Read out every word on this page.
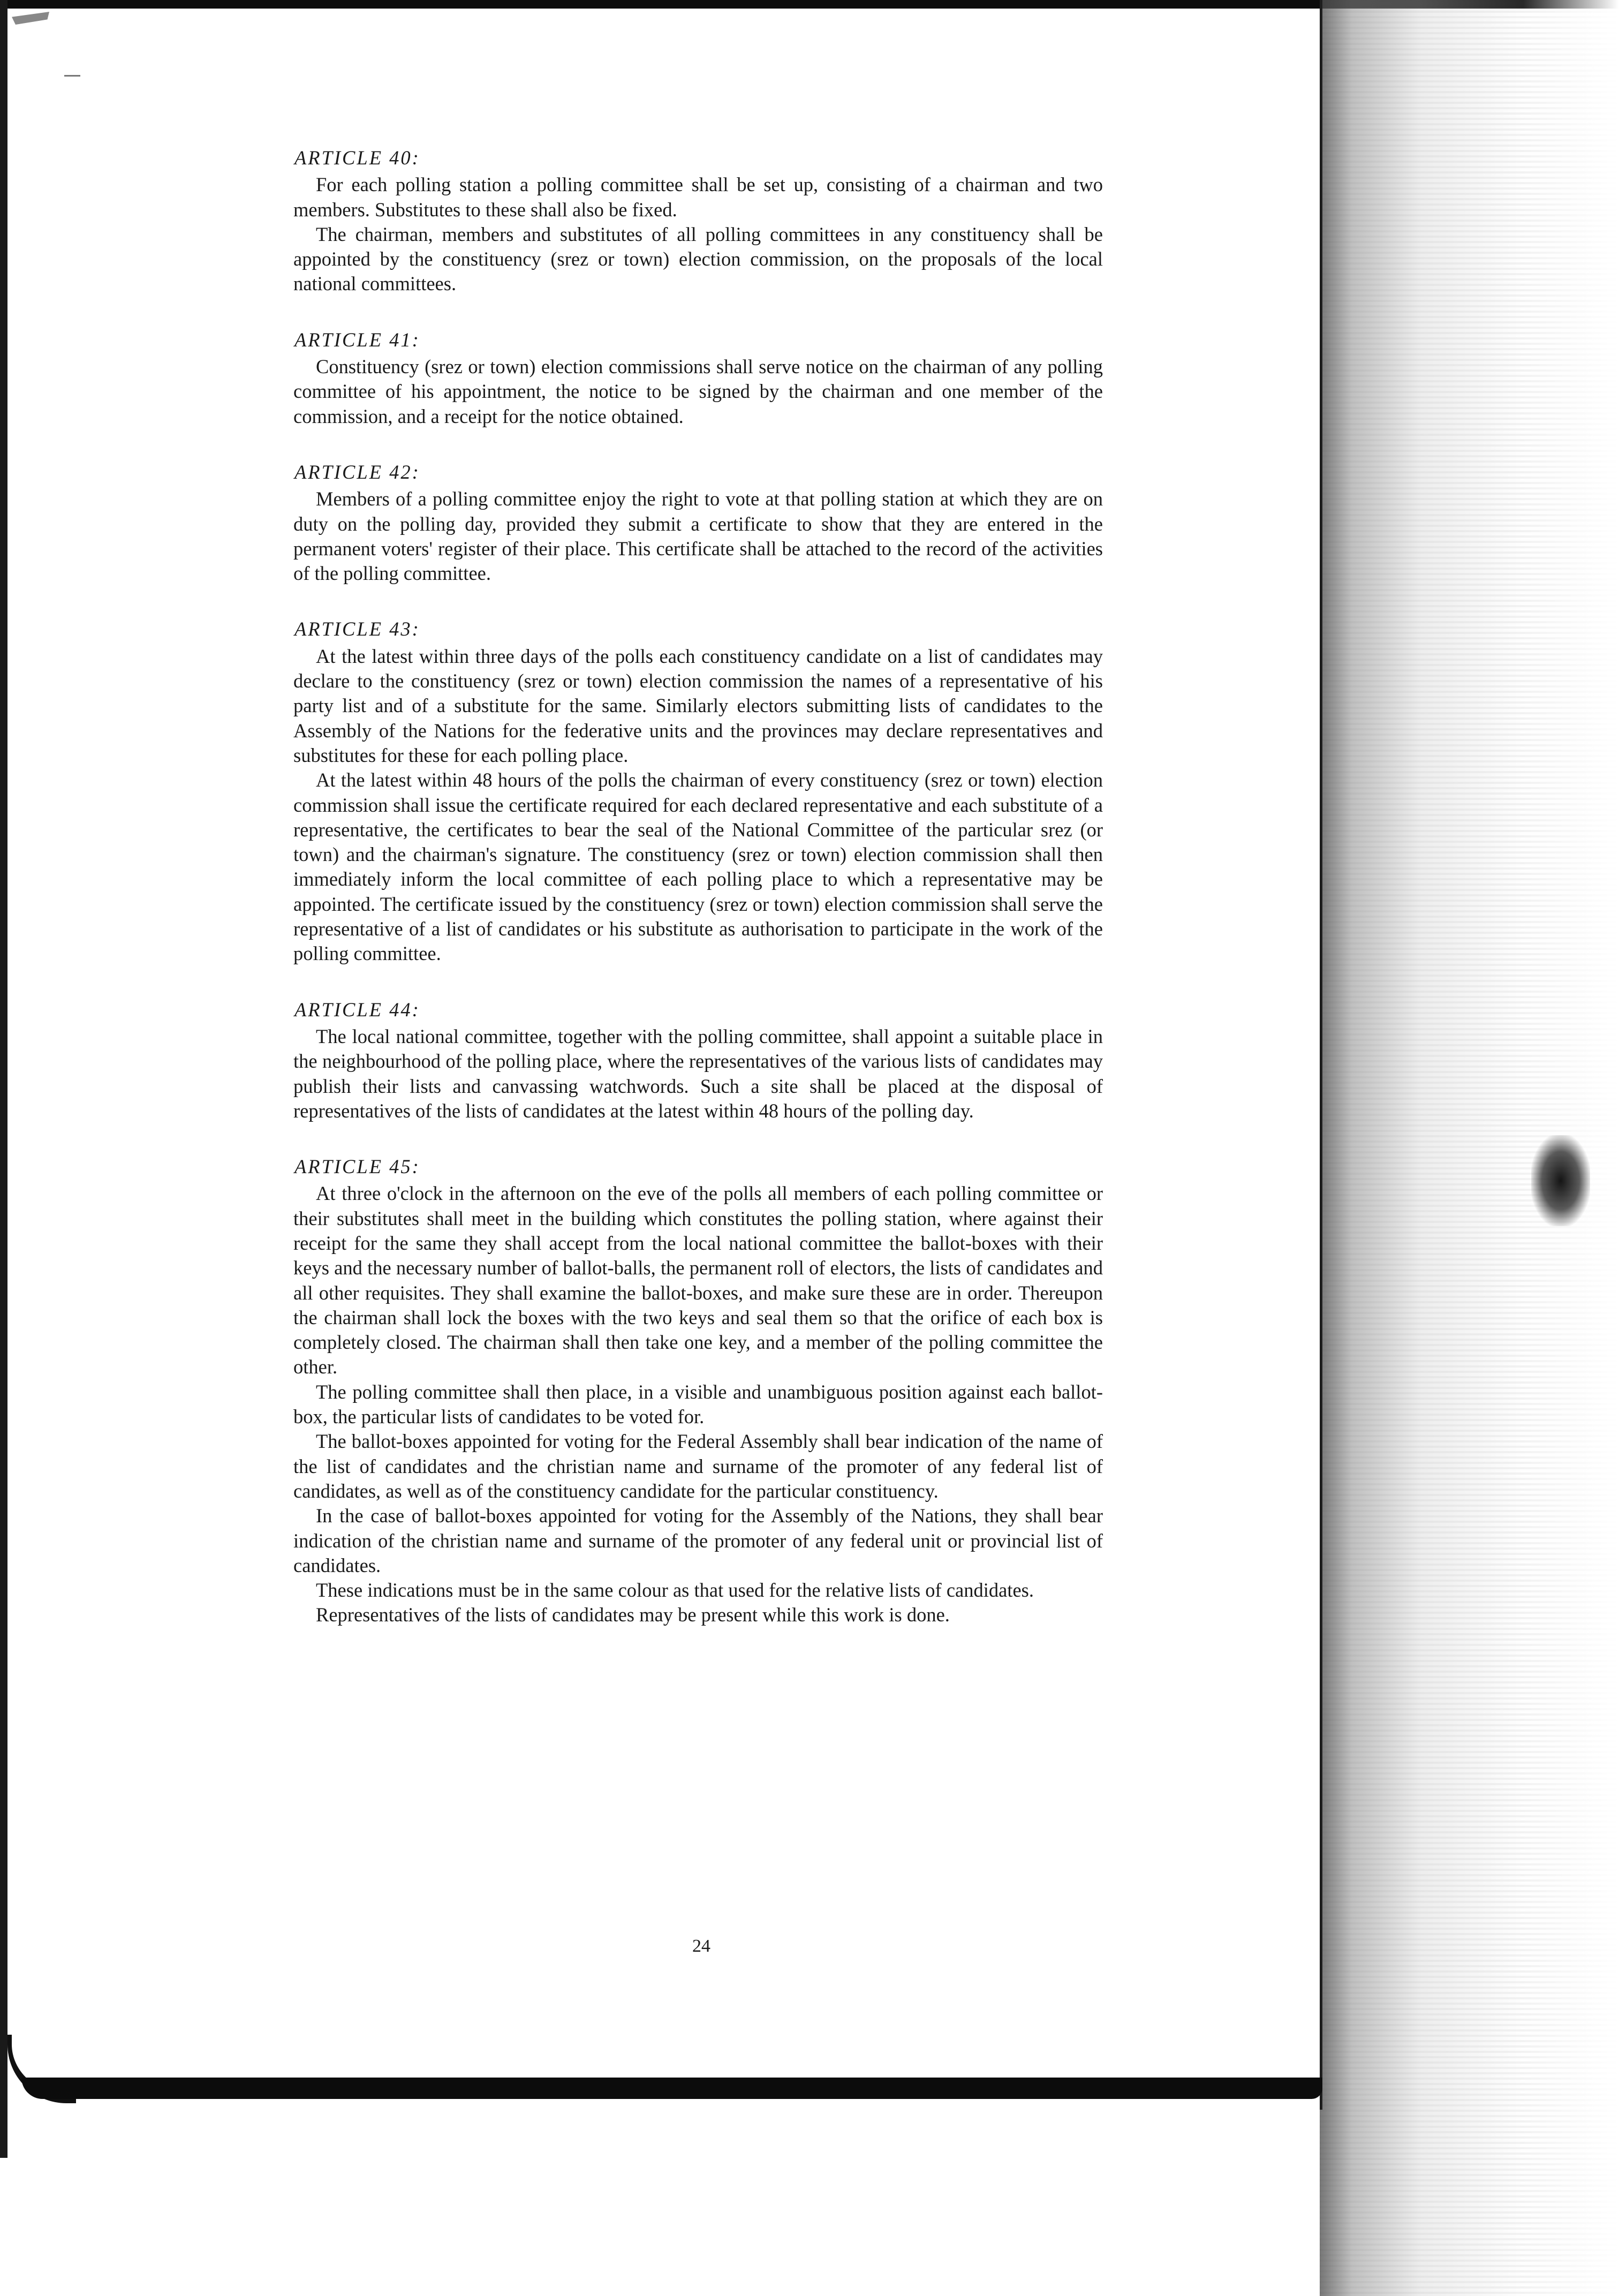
ARTICLE 40:

For each polling station a polling committee shall be set up, consisting of a chairman and two members. Substitutes to these shall also be fixed.

The chairman, members and substitutes of all polling committees in any constituency shall be appointed by the constituency (srez or town) election commission, on the proposals of the local national committees.

ARTICLE 41:

Constituency (srez or town) election commissions shall serve notice on the chairman of any polling committee of his appointment, the notice to be signed by the chairman and one member of the commission, and a receipt for the notice obtained.

ARTICLE 42:

Members of a polling committee enjoy the right to vote at that polling station at which they are on duty on the polling day, provided they submit a certificate to show that they are entered in the permanent voters' register of their place. This certificate shall be attached to the record of the activities of the polling committee.

ARTICLE 43:

At the latest within three days of the polls each constituency candidate on a list of candidates may declare to the constituency (srez or town) election commission the names of a representative of his party list and of a substitute for the same. Similarly electors submitting lists of candidates to the Assembly of the Nations for the federative units and the provinces may declare representatives and substitutes for these for each polling place.

At the latest within 48 hours of the polls the chairman of every constituency (srez or town) election commission shall issue the certificate required for each declared representative and each substitute of a representative, the certificates to bear the seal of the National Committee of the particular srez (or town) and the chairman's signature. The constituency (srez or town) election commission shall then immediately inform the local committee of each polling place to which a representative may be appointed. The certificate issued by the constituency (srez or town) election commission shall serve the representative of a list of candidates or his substitute as authorisation to participate in the work of the polling committee.

ARTICLE 44:

The local national committee, together with the polling committee, shall appoint a suitable place in the neighbourhood of the polling place, where the representatives of the various lists of candidates may publish their lists and canvassing watchwords. Such a site shall be placed at the disposal of representatives of the lists of candidates at the latest within 48 hours of the polling day.

ARTICLE 45:

At three o'clock in the afternoon on the eve of the polls all members of each polling committee or their substitutes shall meet in the building which constitutes the polling station, where against their receipt for the same they shall accept from the local national committee the ballot-boxes with their keys and the necessary number of ballot-balls, the permanent roll of electors, the lists of candidates and all other requisites. They shall examine the ballot-boxes, and make sure these are in order. Thereupon the chairman shall lock the boxes with the two keys and seal them so that the orifice of each box is completely closed. The chairman shall then take one key, and a member of the polling committee the other.

The polling committee shall then place, in a visible and unambiguous position against each ballot-box, the particular lists of candidates to be voted for.

The ballot-boxes appointed for voting for the Federal Assembly shall bear indication of the name of the list of candidates and the christian name and surname of the promoter of any federal list of candidates, as well as of the constituency candidate for the particular constituency.

In the case of ballot-boxes appointed for voting for the Assembly of the Nations, they shall bear indication of the christian name and surname of the promoter of any federal unit or provincial list of candidates.

These indications must be in the same colour as that used for the relative lists of candidates.

Representatives of the lists of candidates may be present while this work is done.

24
